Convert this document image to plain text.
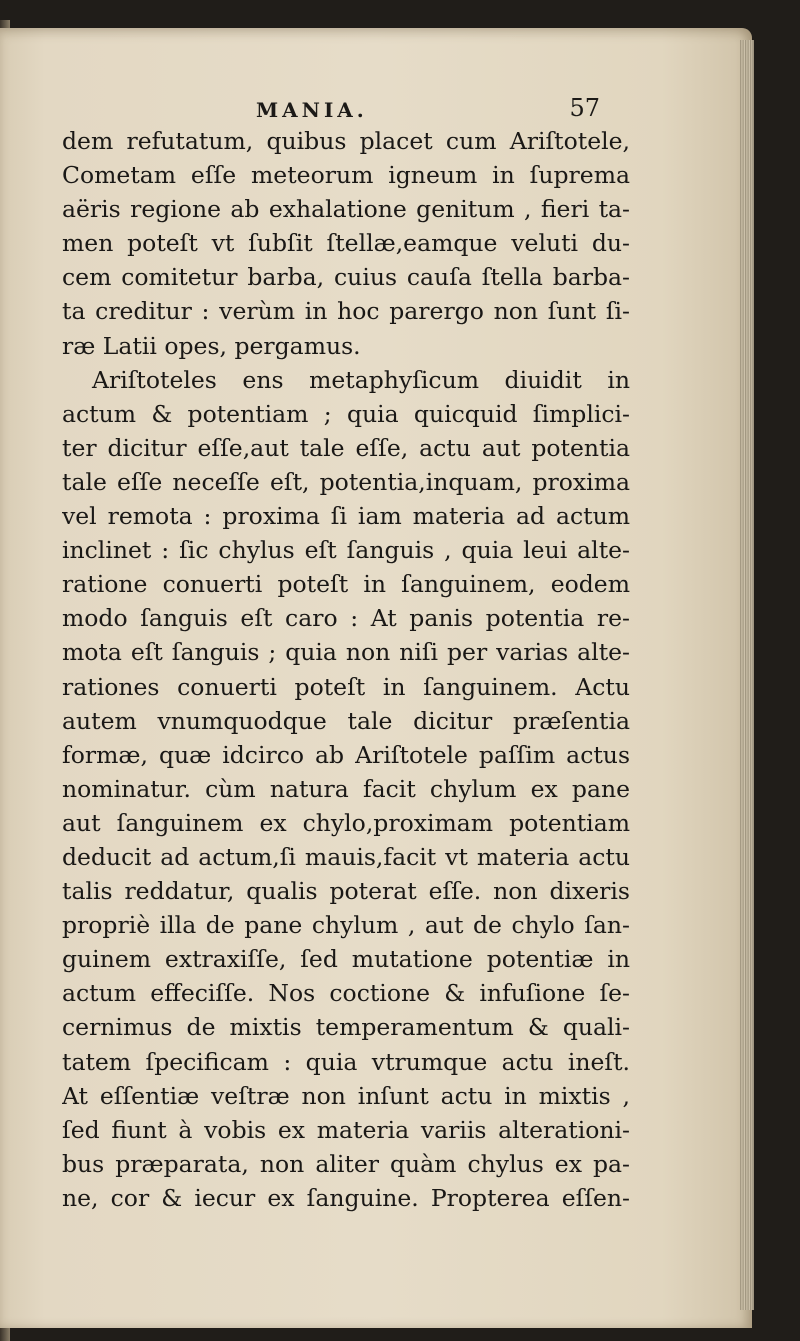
MANIA.	57
dem refutatum, quibus placet cum Ariſtotele,
Cometam eſſe meteorum igneum in ſuprema
aëris regione ab exhalatione genitum , fieri ta-
men poteſt vt ſubſit ſtellæ,eamque veluti du-
cem comitetur barba, cuius cauſa ſtella barba-
ta creditur : verùm in hoc parergo non ſunt ſi-
ræ Latii opes, pergamus.
Ariſtoteles ens metaphyſicum diuidit in
actum & potentiam ; quia quicquid ſimplici-
ter dicitur eſſe,aut tale eſſe, actu aut potentia
tale eſſe neceſſe eſt, potentia,inquam, proxima
vel remota : proxima ſi iam materia ad actum
inclinet : ſic chylus eſt ſanguis , quia leui alte-
ratione conuerti poteſt in ſanguinem, eodem
modo ſanguis eſt caro : At panis potentia re-
mota eſt ſanguis ; quia non niſi per varias alte-
rationes conuerti poteſt in ſanguinem. Actu
autem vnumquodque tale dicitur præſentia
formæ, quæ idcirco ab Ariſtotele paſſim actus
nominatur. cùm natura facit chylum ex pane
aut ſanguinem ex chylo,proximam potentiam
deducit ad actum,ſi mauis,facit vt materia actu
talis reddatur, qualis poterat eſſe. non dixeris
propriè illa de pane chylum , aut de chylo ſan-
guinem extraxiſſe, ſed mutatione potentiæ in
actum effeciſſe. Nos coctione & infuſione ſe-
cernimus de mixtis temperamentum & quali-
tatem ſpecificam : quia vtrumque actu ineſt.
At eſſentiæ veſtræ non inſunt actu in mixtis ,
ſed fiunt à vobis ex materia variis alterationi-
bus præparata, non aliter quàm chylus ex pa-
ne, cor & iecur ex ſanguine. Propterea eſſen-
